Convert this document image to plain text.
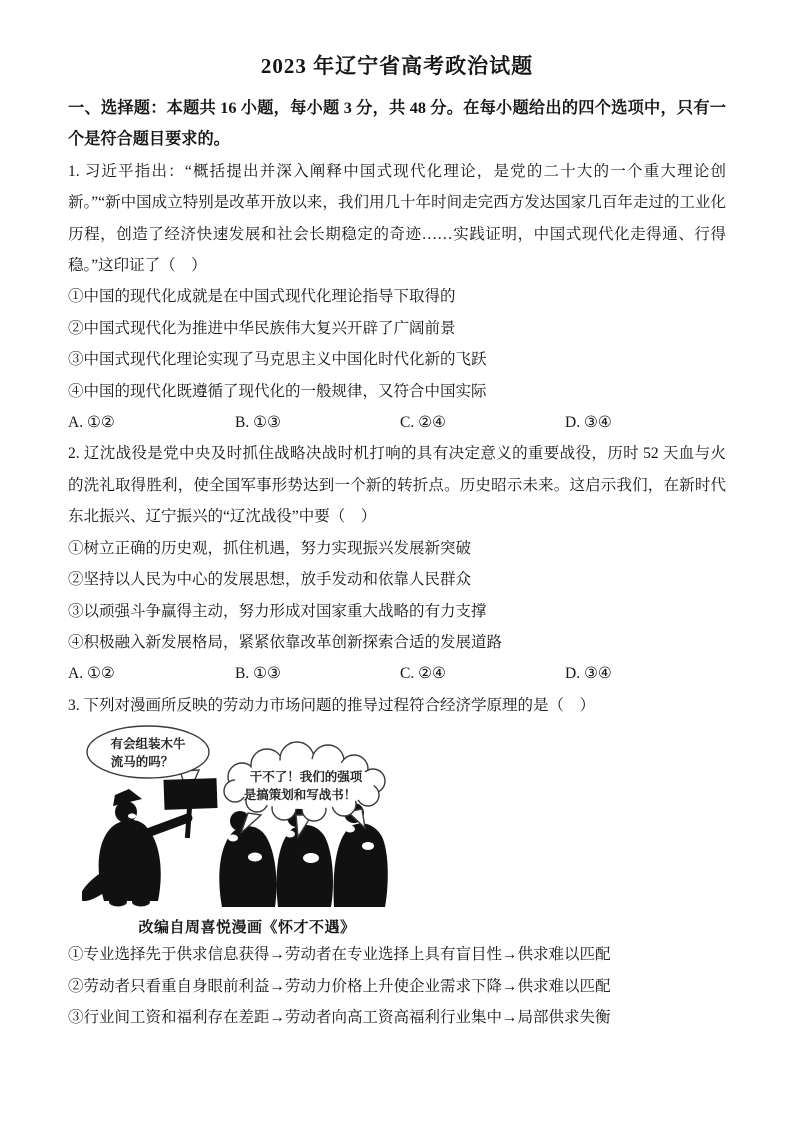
2023 年辽宁省高考政治试题

一、选择题：本题共 16 小题，每小题 3 分，共 48 分。在每小题给出的四个选项中，只有一个是符合题目要求的。

1. 习近平指出：“概括提出并深入阐释中国式现代化理论，是党的二十大的一个重大理论创新。”“新中国成立特别是改革开放以来，我们用几十年时间走完西方发达国家几百年走过的工业化历程，创造了经济快速发展和社会长期稳定的奇迹……实践证明，中国式现代化走得通、行得稳。”这印证了（　）

①中国的现代化成就是在中国式现代化理论指导下取得的

②中国式现代化为推进中华民族伟大复兴开辟了广阔前景

③中国式现代化理论实现了马克思主义中国化时代化新的飞跃

④中国的现代化既遵循了现代化的一般规律，又符合中国实际

A. ①②	B. ①③	C. ②④	D. ③④

2. 辽沈战役是党中央及时抓住战略决战时机打响的具有决定意义的重要战役，历时 52 天血与火的洗礼取得胜利，使全国军事形势达到一个新的转折点。历史昭示未来。这启示我们，在新时代东北振兴、辽宁振兴的“辽沈战役”中要（　）

①树立正确的历史观，抓住机遇，努力实现振兴发展新突破

②坚持以人民为中心的发展思想，放手发动和依靠人民群众

③以顽强斗争赢得主动，努力形成对国家重大战略的有力支撑

④积极融入新发展格局，紧紧依靠改革创新探索合适的发展道路

A. ①②	B. ①③	C. ②④	D. ③④

3. 下列对漫画所反映的劳动力市场问题的推导过程符合经济学原理的是（　）

有会组装木牛
流马的吗？
干不了！我们的强项
是搞策划和写战书！
改编自周喜悦漫画《怀才不遇》

①专业选择先于供求信息获得→劳动者在专业选择上具有盲目性→供求难以匹配

②劳动者只看重自身眼前利益→劳动力价格上升使企业需求下降→供求难以匹配

③行业间工资和福利存在差距→劳动者向高工资高福利行业集中→局部供求失衡
